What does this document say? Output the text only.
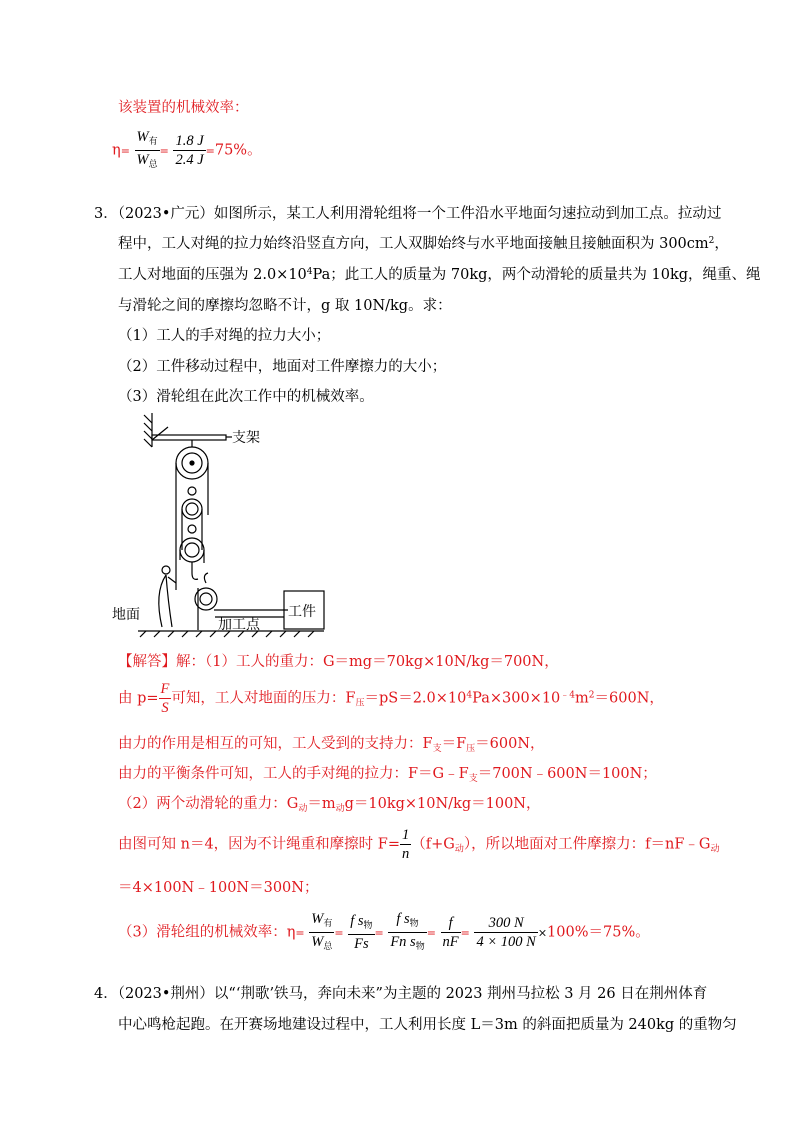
该装置的机械效率：
$\eta= \frac{W_有}{W_总} = \frac{1.8 J}{2.4 J} =75\%$。
3．（2023•广元）如图所示，某工人利用滑轮组将一个工件沿水平地面匀速拉动到加工点。拉动过
程中，工人对绳的拉力始终沿竖直方向，工人双脚始终与水平地面接触且接触面积为 $300cm^2$，
工人对地面的压强为 $2.0\times 10^4Pa$；此工人的质量为 70kg，两个动滑轮的质量共为 10kg，绳重、绳
与滑轮之间的摩擦均忽略不计，g 取 10N/kg。求：
（1）工人的手对绳的拉力大小；
（2）工件移动过程中，地面对工件摩擦力的大小；
（3）滑轮组在此次工作中的机械效率。
支架
地面
加工点
工件
【解答】解：（1）工人的重力：G＝mg＝70kg×10N/kg＝700N，
由 $p= \frac{F}{S}$ 可知，工人对地面的压力：$F_压=pS=2.0\times 10^4Pa\times 300\times 10^{﹣4}m^2=600N$，
由力的作用是相互的可知，工人受到的支持力：$F_支=F_压=600N$，
由力的平衡条件可知，工人的手对绳的拉力：$F=G﹣F_支=700N﹣600N=100N$；
（2）两个动滑轮的重力：$G_动=m_动g=10kg\times 10N/kg=100N$，
由图可知 n＝4，因为不计绳重和摩擦时 $F= \frac{1}{n} (f+G_动)$，所以地面对工件摩擦力：$f=nF﹣G_动$
＝4×100N﹣100N＝300N；
（3）滑轮组的机械效率：$\eta= \frac{W_有}{W_总} = \frac{f s_物}{Fs} = \frac{f s_物}{Fn s_物} = \frac{f}{nF} = \frac{300 N}{4 \times 100 N} \times 100\%=75\%$。
4．（2023•荆州）以“‘荆歌’铁马，奔向未来”为主题的 2023 荆州马拉松 3 月 26 日在荆州体育
中心鸣枪起跑。在开赛场地建设过程中，工人利用长度 L＝3m 的斜面把质量为 240kg 的重物匀
